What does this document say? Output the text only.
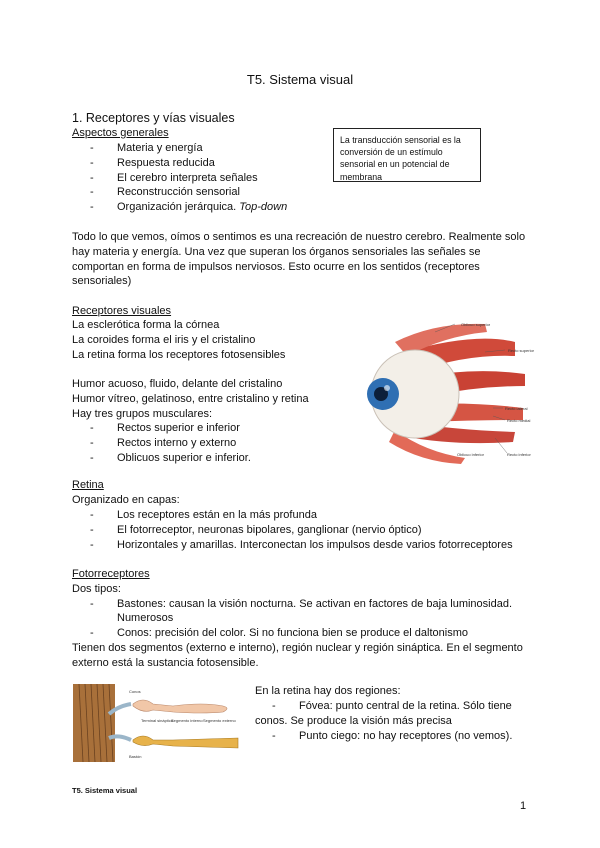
T5. Sistema visual
1. Receptores y vías visuales
Aspectos generales
- Materia y energía
- Respuesta reducida
- El cerebro interpreta señales
- Reconstrucción sensorial
- Organización jerárquica. Top-down
La transducción sensorial es la conversión de un estímulo sensorial en un potencial de membrana
Todo lo que vemos, oímos o sentimos es una recreación de nuestro cerebro. Realmente solo hay materia y energía. Una vez que superan los órganos sensoriales las señales se comportan en forma de impulsos nerviosos. Esto ocurre en los sentidos (receptores sensoriales)
Receptores visuales
La esclerótica forma la córnea
La coroides forma el iris y el cristalino
La retina forma los receptores fotosensibles
Humor acuoso, fluido, delante del cristalino
Humor vítreo, gelatinoso, entre cristalino y retina
Hay tres grupos musculares:
- Rectos superior e inferior
- Rectos interno y externo
- Oblicuos superior e inferior.
Oblicuo superior
Recto superior
Recto lateral
Recto medial
Oblicuo inferior	Recto inferior
Retina
Organizado en capas:
- Los receptores están en la más profunda
- El fotorreceptor, neuronas bipolares, ganglionar (nervio óptico)
- Horizontales y amarillas. Interconectan los impulsos desde varios fotorreceptores
Fotorreceptores
Dos tipos:
- Bastones: causan la visión nocturna. Se activan en factores de baja luminosidad.
Numerosos
- Conos: precisión del color. Si no funciona bien se produce el daltonismo
Tienen dos segmentos (externo e interno), región nuclear y región sináptica. En el segmento externo está la sustancia fotosensible.
Conos
Terminal sináptica
Segmento interno Segmento externo
Bastón
En la retina hay dos regiones:
- Fóvea: punto central de la retina. Sólo tiene
conos. Se produce la visión más precisa
- Punto ciego: no hay receptores (no vemos).
T5. Sistema visual
1
